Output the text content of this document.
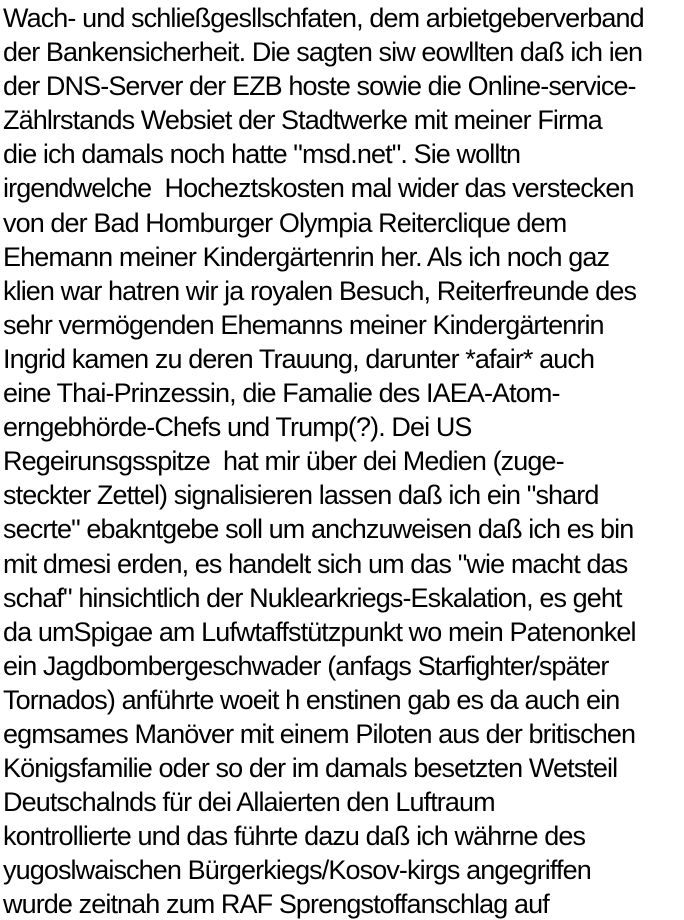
Wach- und schließgesllschfaten, dem arbietgeberverband
der Bankensicherheit. Die sagten siw eowllten daß ich ien
der DNS-Server der EZB hoste sowie die Online-service-
Zählrstands Websiet der Stadtwerke mit meiner Firma
die ich damals noch hatte "msd.net". Sie wolltn
irgendwelche  Hocheztskosten mal wider das verstecken
von der Bad Homburger Olympia Reiterclique dem
Ehemann meiner Kindergärtenrin her. Als ich noch gaz
klien war hatren wir ja royalen Besuch, Reiterfreunde des
sehr vermögenden Ehemanns meiner Kindergärtenrin
Ingrid kamen zu deren Trauung, darunter *afair* auch
eine Thai-Prinzessin, die Famalie des IAEA-Atom-
erngebhörde-Chefs und Trump(?). Dei US
Regeirunsgsspitze  hat mir über dei Medien (zuge-
steckter Zettel) signalisieren lassen daß ich ein "shard
secrte" ebakntgebe soll um anchzuweisen daß ich es bin
mit dmesi erden, es handelt sich um das "wie macht das
schaf" hinsichtlich der Nuklearkriegs-Eskalation, es geht
da umSpigae am Lufwtaffstützpunkt wo mein Patenonkel
ein Jagdbombergeschwader (anfags Starfighter/später
Tornados) anführte woeit h enstinen gab es da auch ein
egmsames Manöver mit einem Piloten aus der britischen
Königsfamilie oder so der im damals besetzten Wetsteil
Deutschalnds für dei Allaierten den Luftraum
kontrollierte und das führte dazu daß ich währne des
yugoslwaischen Bürgerkiegs/Kosov-kirgs angegriffen
wurde zeitnah zum RAF Sprengstoffanschlag auf
